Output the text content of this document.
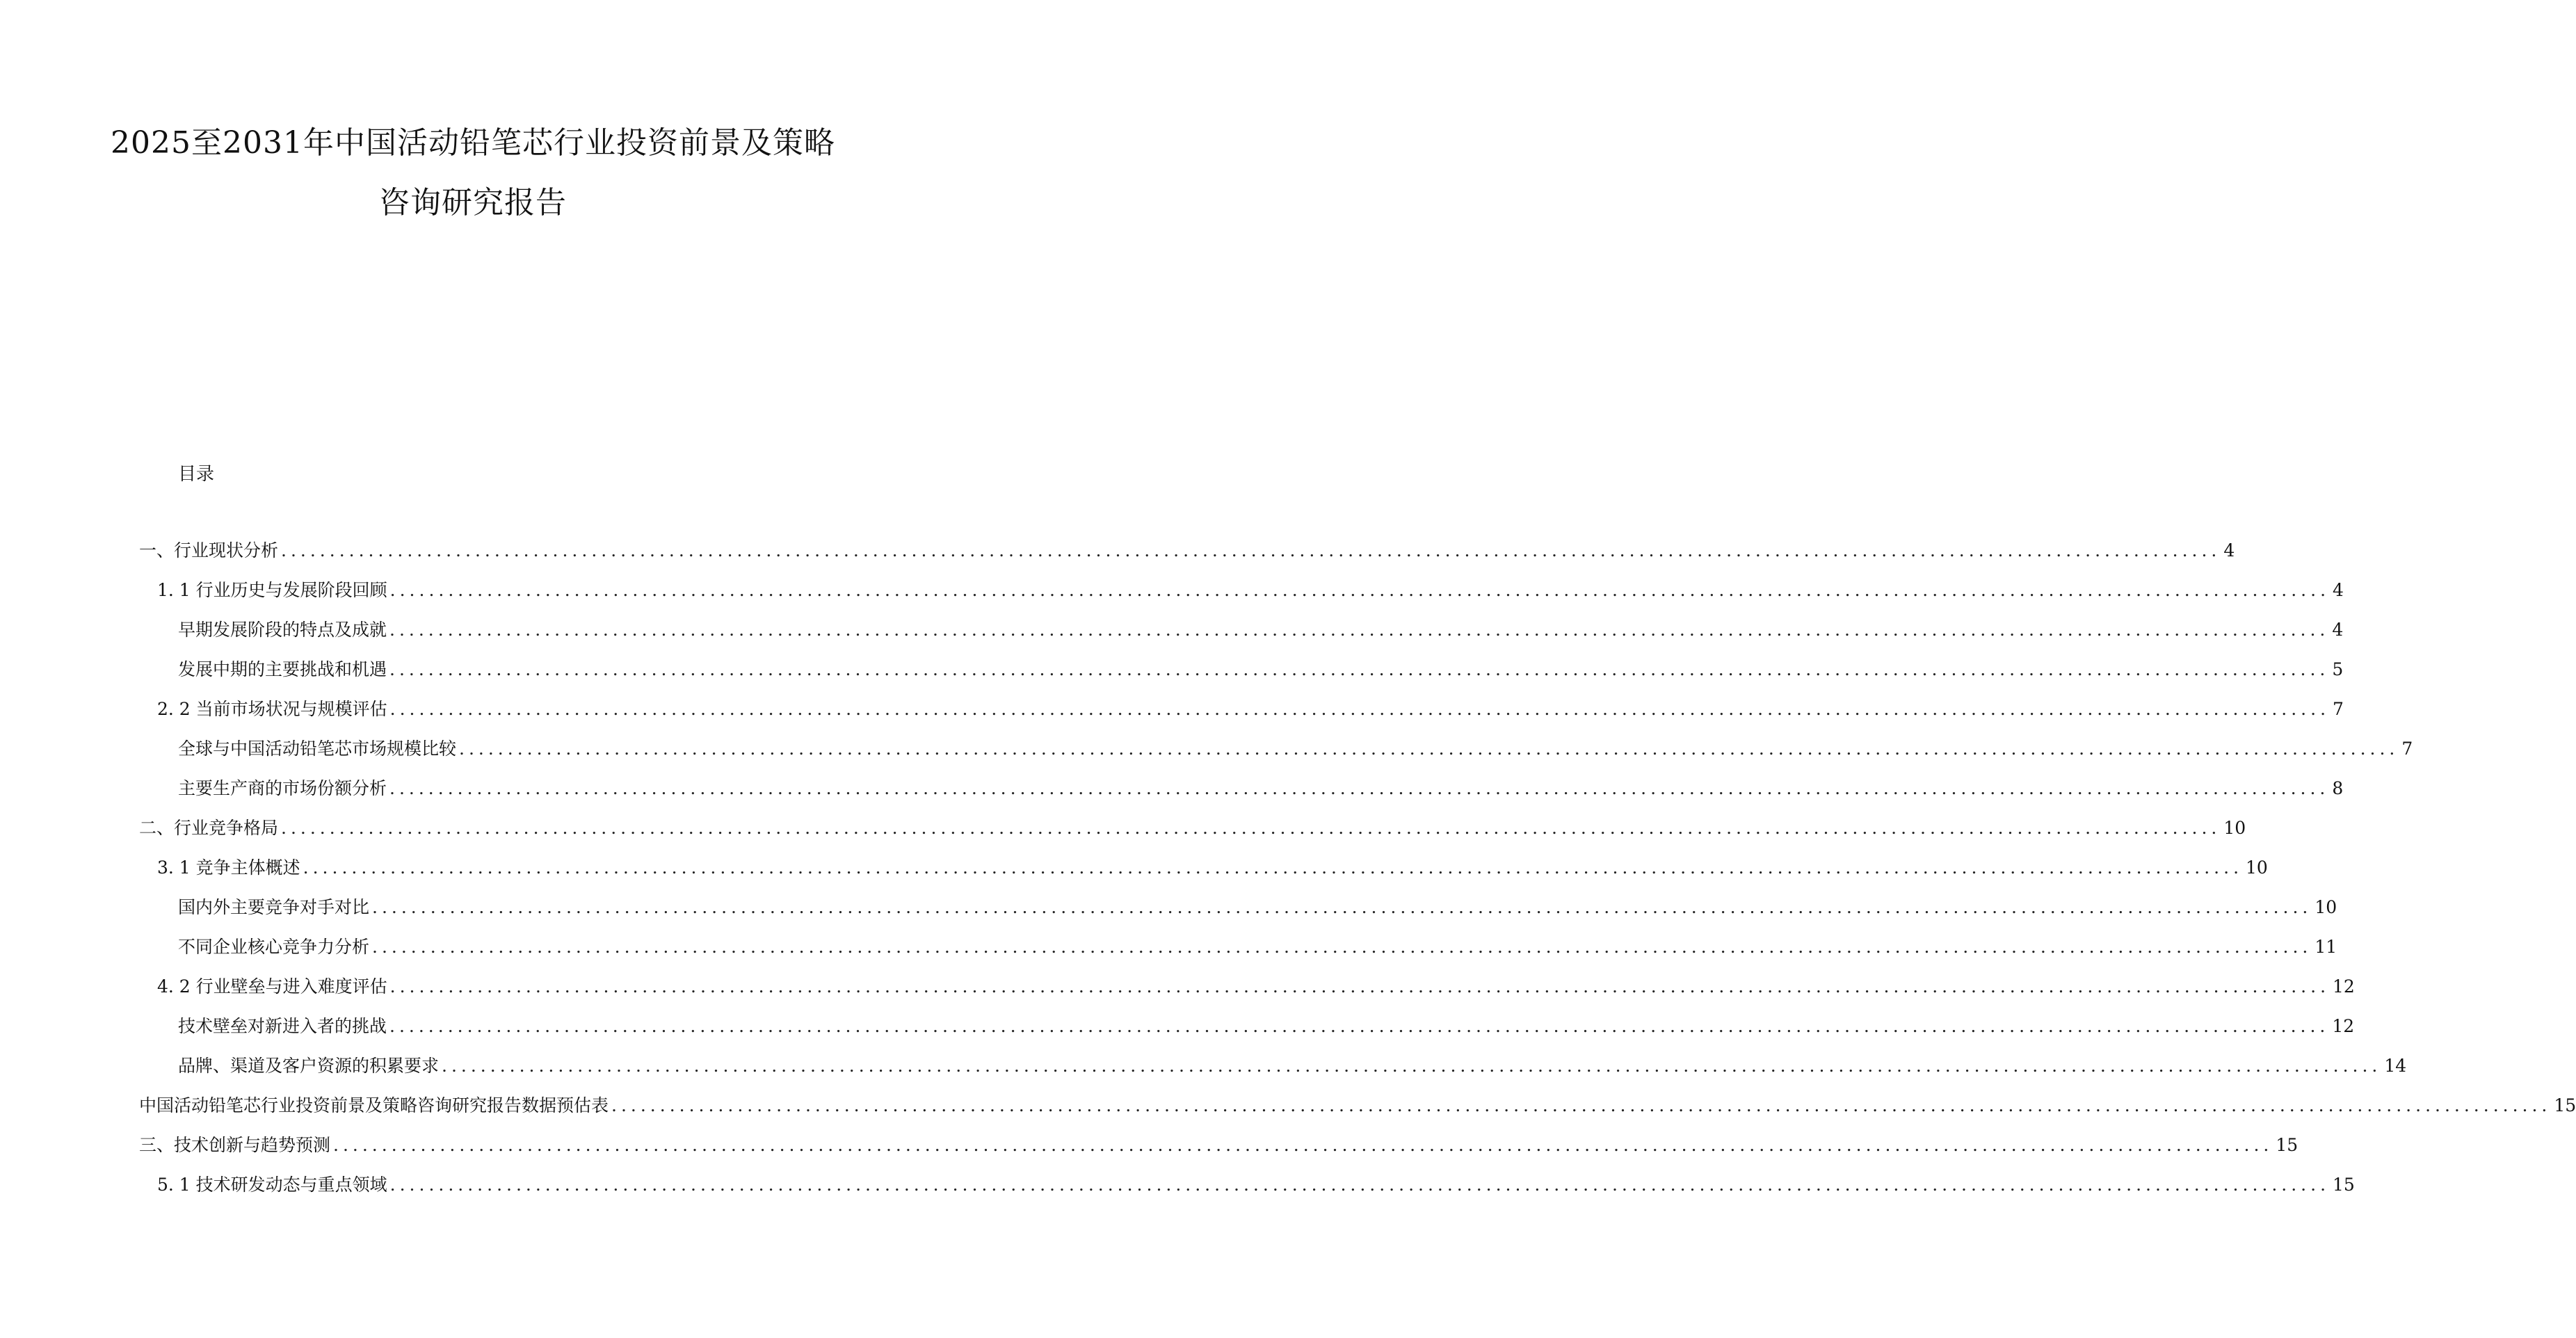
2025至2031年中国活动铅笔芯行业投资前景及策略
咨询研究报告
目录
一、行业现状分析 ........................................................................................................................................................................................................ 4
1. 1 行业历史与发展阶段回顾 ........................................................................................................................................................................................................ 4
早期发展阶段的特点及成就 ........................................................................................................................................................................................................ 4
发展中期的主要挑战和机遇 ........................................................................................................................................................................................................ 5
2. 2 当前市场状况与规模评估 ........................................................................................................................................................................................................ 7
全球与中国活动铅笔芯市场规模比较 ........................................................................................................................................................................................................ 7
主要生产商的市场份额分析 ........................................................................................................................................................................................................ 8
二、行业竞争格局 ........................................................................................................................................................................................................ 10
3. 1 竞争主体概述 ........................................................................................................................................................................................................ 10
国内外主要竞争对手对比 ........................................................................................................................................................................................................ 10
不同企业核心竞争力分析 ........................................................................................................................................................................................................ 11
4. 2 行业壁垒与进入难度评估 ........................................................................................................................................................................................................ 12
技术壁垒对新进入者的挑战 ........................................................................................................................................................................................................ 12
品牌、渠道及客户资源的积累要求 ........................................................................................................................................................................................................ 14
中国活动铅笔芯行业投资前景及策略咨询研究报告数据预估表 ........................................................................................................................................................................................................ 15
三、技术创新与趋势预测 ........................................................................................................................................................................................................ 15
5. 1 技术研发动态与重点领域 ........................................................................................................................................................................................................ 15
